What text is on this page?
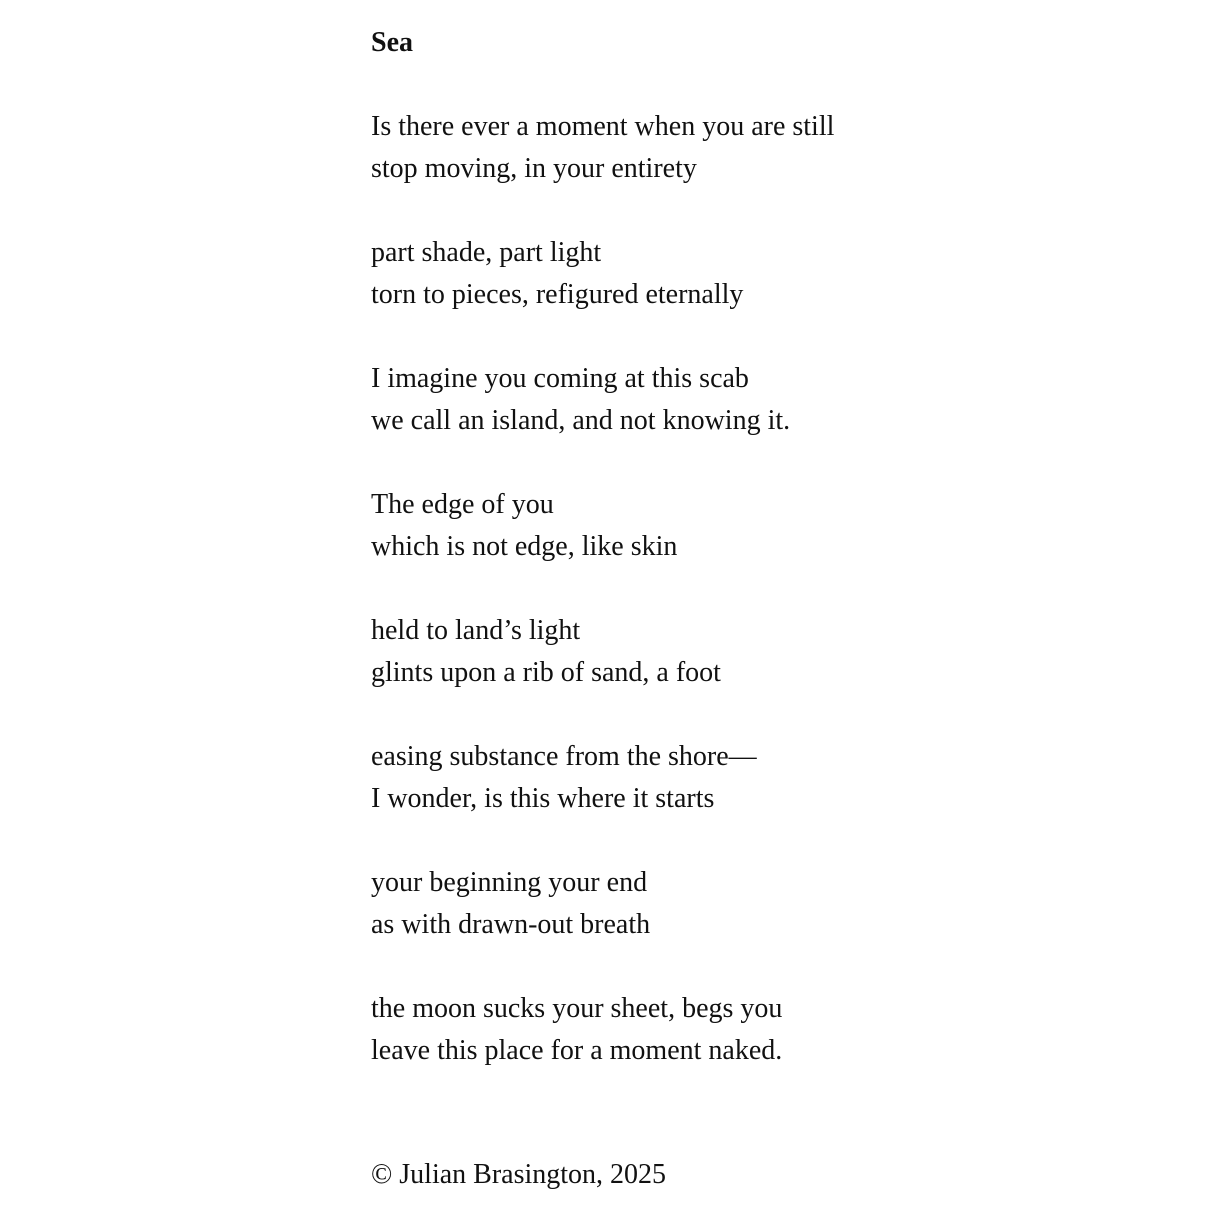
Sea
Is there ever a moment when you are still
stop moving, in your entirety
part shade, part light
torn to pieces, refigured eternally
I imagine you coming at this scab
we call an island, and not knowing it.
The edge of you
which is not edge, like skin
held to land’s light
glints upon a rib of sand, a foot
easing substance from the shore—
I wonder, is this where it starts
your beginning your end
as with drawn-out breath
the moon sucks your sheet, begs you
leave this place for a moment naked.
© Julian Brasington, 2025
